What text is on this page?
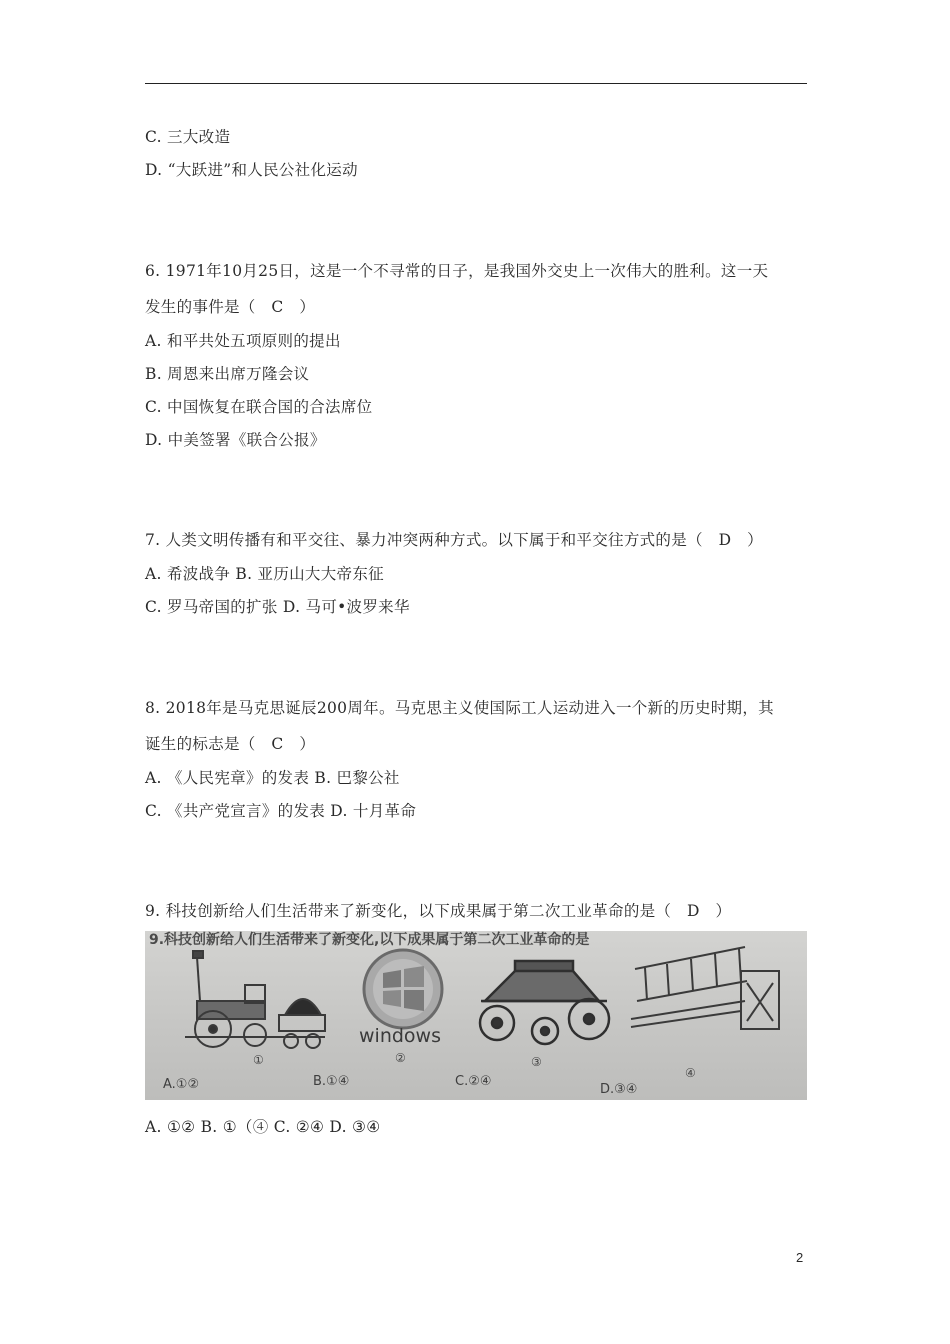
C. 三大改造
D. “大跃进”和人民公社化运动
6. 1971年10月25日，这是一个不寻常的日子，是我国外交史上一次伟大的胜利。这一天
发生的事件是（　C　）
A. 和平共处五项原则的提出
B. 周恩来出席万隆会议
C. 中国恢复在联合国的合法席位
D. 中美签署《联合公报》
7. 人类文明传播有和平交往、暴力冲突两种方式。以下属于和平交往方式的是（　D　）
A. 希波战争 B. 亚历山大大帝东征
C. 罗马帝国的扩张 D. 马可•波罗来华
8. 2018年是马克思诞辰200周年。马克思主义使国际工人运动进入一个新的历史时期，其
诞生的标志是（　C　）
A. 《人民宪章》的发表 B. 巴黎公社
C. 《共产党宣言》的发表 D. 十月革命
9. 科技创新给人们生活带来了新变化，以下成果属于第二次工业革命的是（　D　）
9.科技创新给人们生活带来了新变化,以下成果属于第二次工业革命的是
①
windows
②	③
④
A.①②	B.①④	C.②④
D.③④
A. ①② B. ①（④ C. ②④ D. ③④
2
